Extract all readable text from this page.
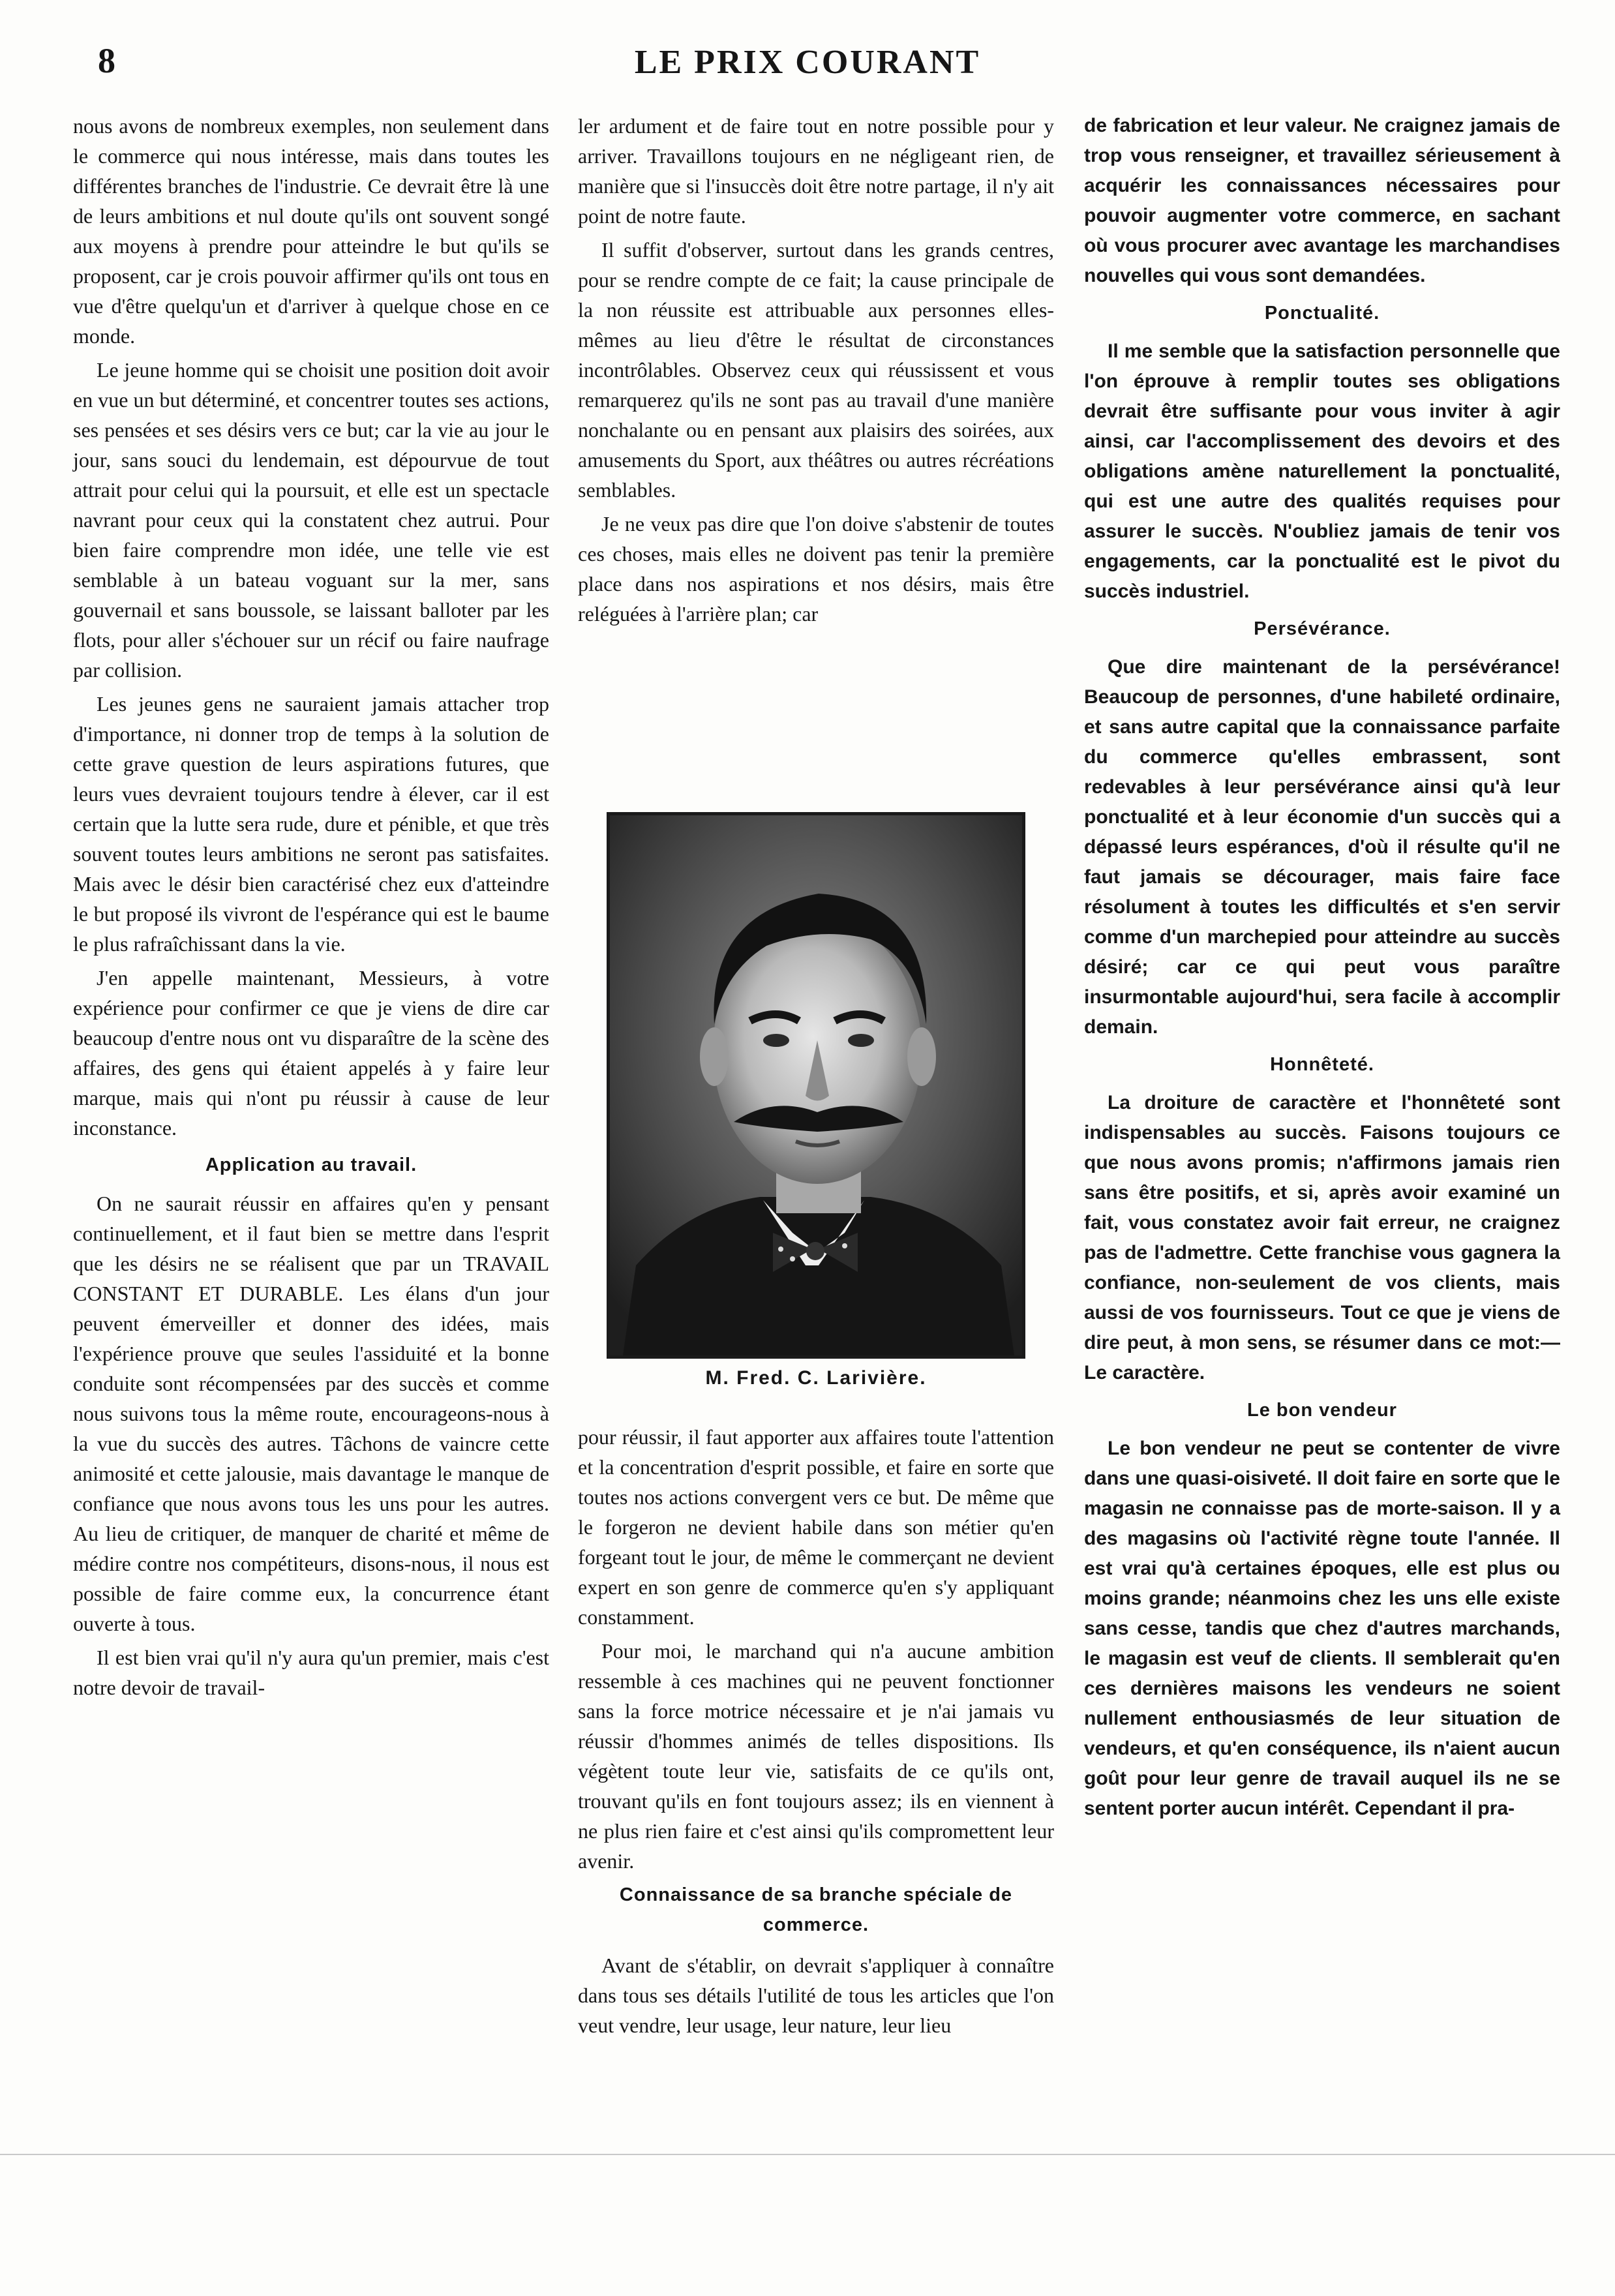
8	LE PRIX COURANT

nous avons de nombreux exemples, non seulement dans le commerce qui nous intéresse, mais dans toutes les différentes branches de l'industrie. Ce devrait être là une de leurs ambitions et nul doute qu'ils ont souvent songé aux moyens à prendre pour atteindre le but qu'ils se proposent, car je crois pouvoir affirmer qu'ils ont tous en vue d'être quelqu'un et d'arriver à quelque chose en ce monde.

Le jeune homme qui se choisit une position doit avoir en vue un but déterminé, et concentrer toutes ses actions, ses pensées et ses désirs vers ce but; car la vie au jour le jour, sans souci du lendemain, est dépourvue de tout attrait pour celui qui la poursuit, et elle est un spectacle navrant pour ceux qui la constatent chez autrui. Pour bien faire comprendre mon idée, une telle vie est semblable à un bateau voguant sur la mer, sans gouvernail et sans boussole, se laissant balloter par les flots, pour aller s'échouer sur un récif ou faire naufrage par collision.

Les jeunes gens ne sauraient jamais attacher trop d'importance, ni donner trop de temps à la solution de cette grave question de leurs aspirations futures, que leurs vues devraient toujours tendre à élever, car il est certain que la lutte sera rude, dure et pénible, et que très souvent toutes leurs ambitions ne seront pas satisfaites. Mais avec le désir bien caractérisé chez eux d'atteindre le but proposé ils vivront de l'espérance qui est le baume le plus rafraîchissant dans la vie.

J'en appelle maintenant, Messieurs, à votre expérience pour confirmer ce que je viens de dire car beaucoup d'entre nous ont vu disparaître de la scène des affaires, des gens qui étaient appelés à y faire leur marque, mais qui n'ont pu réussir à cause de leur inconstance.

Application au travail.

On ne saurait réussir en affaires qu'en y pensant continuellement, et il faut bien se mettre dans l'esprit que les désirs ne se réalisent que par un TRAVAIL CONSTANT ET DURABLE. Les élans d'un jour peuvent émerveiller et donner des idées, mais l'expérience prouve que seules l'assiduité et la bonne conduite sont récompensées par des succès et comme nous suivons tous la même route, encourageons-nous à la vue du succès des autres. Tâchons de vaincre cette animosité et cette jalousie, mais davantage le manque de confiance que nous avons tous les uns pour les autres. Au lieu de critiquer, de manquer de charité et même de médire contre nos compétiteurs, disons-nous, il nous est possible de faire comme eux, la concurrence étant ouverte à tous.

Il est bien vrai qu'il n'y aura qu'un premier, mais c'est notre devoir de travail-

ler ardument et de faire tout en notre possible pour y arriver. Travaillons toujours en ne négligeant rien, de manière que si l'insuccès doit être notre partage, il n'y ait point de notre faute.

Il suffit d'observer, surtout dans les grands centres, pour se rendre compte de ce fait; la cause principale de la non réussite est attribuable aux personnes elles-mêmes au lieu d'être le résultat de circonstances incontrôlables. Observez ceux qui réussissent et vous remarquerez qu'ils ne sont pas au travail d'une manière nonchalante ou en pensant aux plaisirs des soirées, aux amusements du Sport, aux théâtres ou autres récréations semblables.

Je ne veux pas dire que l'on doive s'abstenir de toutes ces choses, mais elles ne doivent pas tenir la première place dans nos aspirations et nos désirs, mais être reléguées à l'arrière plan; car

M. Fred. C. Larivière.

pour réussir, il faut apporter aux affaires toute l'attention et la concentration d'esprit possible, et faire en sorte que toutes nos actions convergent vers ce but. De même que le forgeron ne devient habile dans son métier qu'en forgeant tout le jour, de même le commerçant ne devient expert en son genre de commerce qu'en s'y appliquant constamment.

Pour moi, le marchand qui n'a aucune ambition ressemble à ces machines qui ne peuvent fonctionner sans la force motrice nécessaire et je n'ai jamais vu réussir d'hommes animés de telles dispositions. Ils végètent toute leur vie, satisfaits de ce qu'ils ont, trouvant qu'ils en font toujours assez; ils en viennent à ne plus rien faire et c'est ainsi qu'ils compromettent leur avenir.

Connaissance de sa branche spéciale de commerce.

Avant de s'établir, on devrait s'appliquer à connaître dans tous ses détails l'utilité de tous les articles que l'on veut vendre, leur usage, leur nature, leur lieu

de fabrication et leur valeur. Ne craignez jamais de trop vous renseigner, et travaillez sérieusement à acquérir les connaissances nécessaires pour pouvoir augmenter votre commerce, en sachant où vous procurer avec avantage les marchandises nouvelles qui vous sont demandées.

Ponctualité.

Il me semble que la satisfaction personnelle que l'on éprouve à remplir toutes ses obligations devrait être suffisante pour vous inviter à agir ainsi, car l'accomplissement des devoirs et des obligations amène naturellement la ponctualité, qui est une autre des qualités requises pour assurer le succès. N'oubliez jamais de tenir vos engagements, car la ponctualité est le pivot du succès industriel.

Persévérance.

Que dire maintenant de la persévérance! Beaucoup de personnes, d'une habileté ordinaire, et sans autre capital que la connaissance parfaite du commerce qu'elles embrassent, sont redevables à leur persévérance ainsi qu'à leur ponctualité et à leur économie d'un succès qui a dépassé leurs espérances, d'où il résulte qu'il ne faut jamais se décourager, mais faire face résolument à toutes les difficultés et s'en servir comme d'un marchepied pour atteindre au succès désiré; car ce qui peut vous paraître insurmontable aujourd'hui, sera facile à accomplir demain.

Honnêteté.

La droiture de caractère et l'honnêteté sont indispensables au succès. Faisons toujours ce que nous avons promis; n'affirmons jamais rien sans être positifs, et si, après avoir examiné un fait, vous constatez avoir fait erreur, ne craignez pas de l'admettre. Cette franchise vous gagnera la confiance, non-seulement de vos clients, mais aussi de vos fournisseurs. Tout ce que je viens de dire peut, à mon sens, se résumer dans ce mot:—Le caractère.

Le bon vendeur

Le bon vendeur ne peut se contenter de vivre dans une quasi-oisiveté. Il doit faire en sorte que le magasin ne connaisse pas de morte-saison. Il y a des magasins où l'activité règne toute l'année. Il est vrai qu'à certaines époques, elle est plus ou moins grande; néanmoins chez les uns elle existe sans cesse, tandis que chez d'autres marchands, le magasin est veuf de clients. Il semblerait qu'en ces dernières maisons les vendeurs ne soient nullement enthousiasmés de leur situation de vendeurs, et qu'en conséquence, ils n'aient aucun goût pour leur genre de travail auquel ils ne se sentent porter aucun intérêt. Cependant il pra-
